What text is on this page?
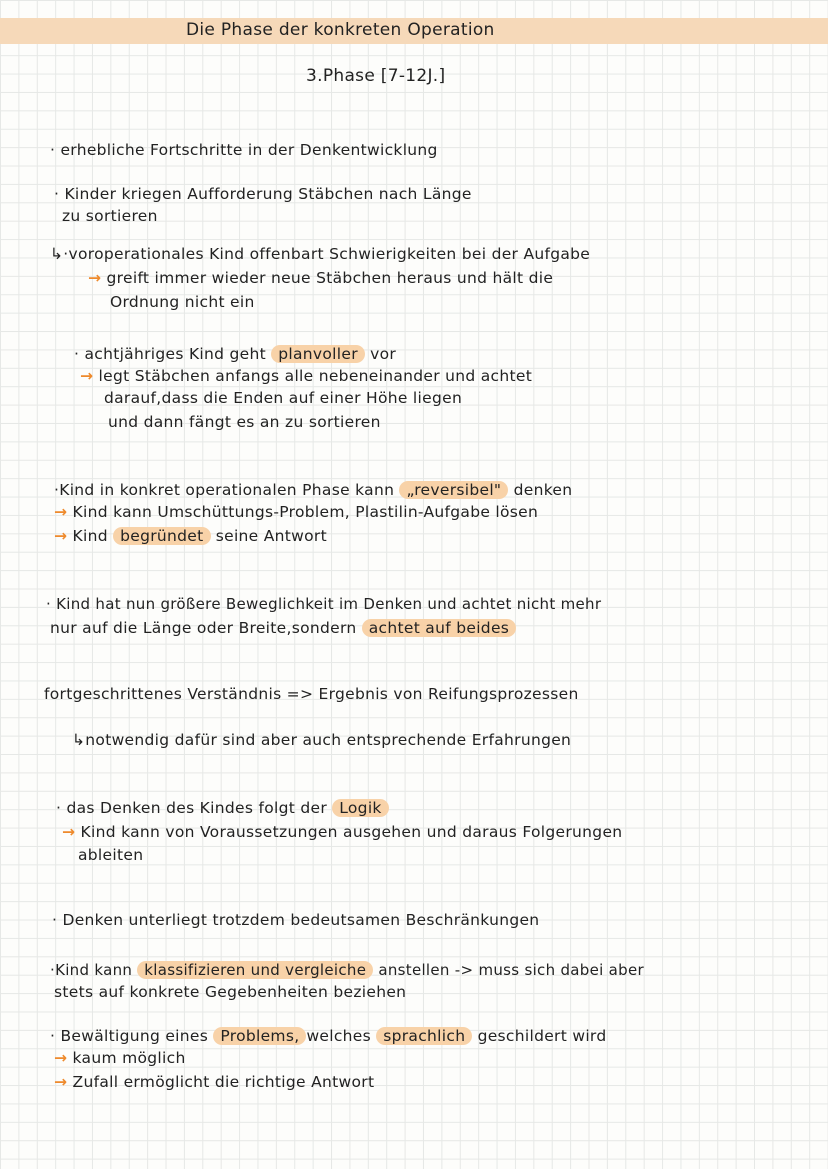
Die Phase der konkreten Operation
3.Phase [7-12J.]
· erhebliche Fortschritte in der Denkentwicklung
· Kinder kriegen Aufforderung Stäbchen nach Länge
zu sortieren
↳·voroperationales Kind offenbart Schwierigkeiten bei der Aufgabe
→ greift immer wieder neue Stäbchen heraus und hält die
Ordnung nicht ein
· achtjähriges Kind geht planvoller vor
→ legt Stäbchen anfangs alle nebeneinander und achtet
darauf,dass die Enden auf einer Höhe liegen
und dann fängt es an zu sortieren
·Kind in konkret operationalen Phase kann „reversibel" denken
→ Kind kann Umschüttungs-Problem, Plastilin-Aufgabe lösen
→ Kind begründet seine Antwort
· Kind hat nun größere Beweglichkeit im Denken und achtet nicht mehr
nur auf die Länge oder Breite,sondern achtet auf beides
fortgeschrittenes Verständnis => Ergebnis von Reifungsprozessen
↳notwendig dafür sind aber auch entsprechende Erfahrungen
· das Denken des Kindes folgt der Logik
→ Kind kann von Voraussetzungen ausgehen und daraus Folgerungen
ableiten
· Denken unterliegt trotzdem bedeutsamen Beschränkungen
·Kind kann klassifizieren und vergleiche anstellen -> muss sich dabei aber
stets auf konkrete Gegebenheiten beziehen
· Bewältigung eines Problems, welches sprachlich geschildert wird
→ kaum möglich
→ Zufall ermöglicht die richtige Antwort
